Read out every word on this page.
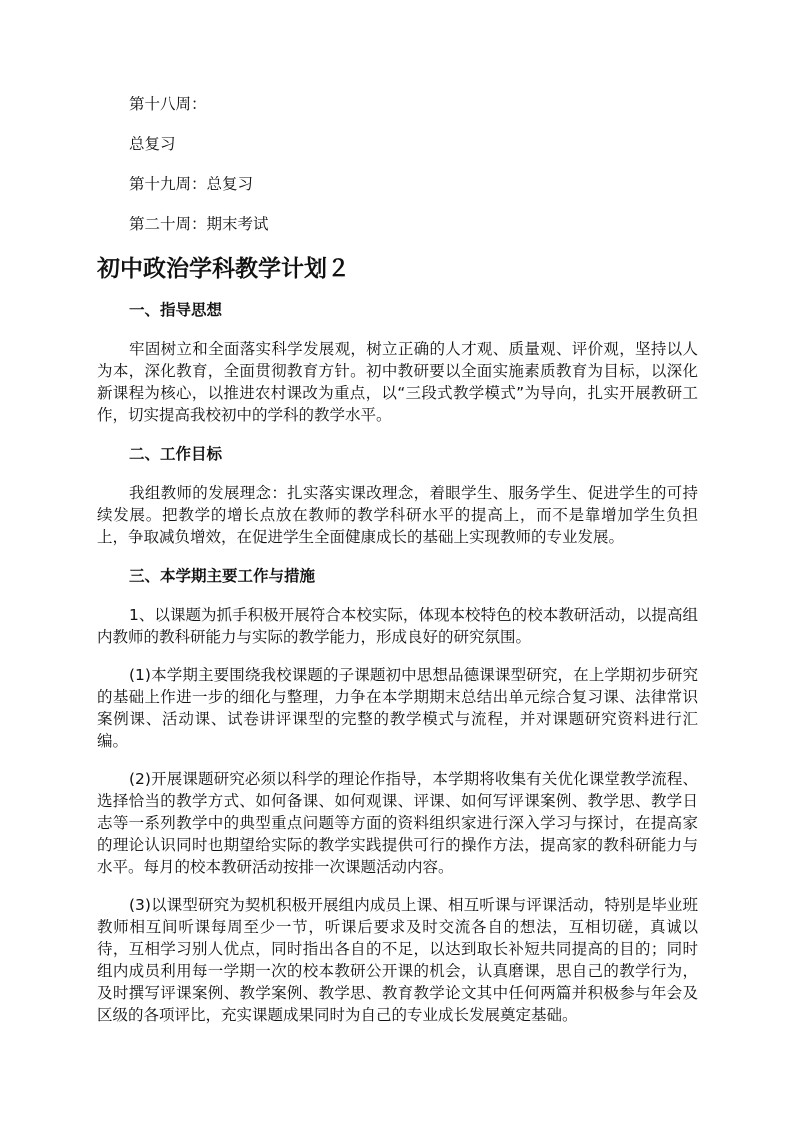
第十八周：

总复习

第十九周：总复习

第二十周：期末考试

初中政治学科教学计划２
一、指导思想

牢固树立和全面落实科学发展观，树立正确的人才观、质量观、评价观，坚持以人为本，深化教育，全面贯彻教育方针。初中教研要以全面实施素质教育为目标，以深化新课程为核心，以推进农村课改为重点，以“三段式教学模式”为导向，扎实开展教研工作，切实提高我校初中的学科的教学水平。

二、工作目标

我组教师的发展理念：扎实落实课改理念，着眼学生、服务学生、促进学生的可持续发展。把教学的增长点放在教师的教学科研水平的提高上，而不是靠增加学生负担上，争取减负增效，在促进学生全面健康成长的基础上实现教师的专业发展。

三、本学期主要工作与措施

1、以课题为抓手积极开展符合本校实际，体现本校特色的校本教研活动，以提高组内教师的教科研能力与实际的教学能力，形成良好的研究氛围。

(1)本学期主要围绕我校课题的子课题初中思想品德课课型研究，在上学期初步研究的基础上作进一步的细化与整理，力争在本学期期末总结出单元综合复习课、法律常识案例课、活动课、试卷讲评课型的完整的教学模式与流程，并对课题研究资料进行汇编。

(2)开展课题研究必须以科学的理论作指导，本学期将收集有关优化课堂教学流程、选择恰当的教学方式、如何备课、如何观课、评课、如何写评课案例、教学思、教学日志等一系列教学中的典型重点问题等方面的资料组织家进行深入学习与探讨，在提高家的理论认识同时也期望给实际的教学实践提供可行的操作方法，提高家的教科研能力与水平。每月的校本教研活动按排一次课题活动内容。

(3)以课型研究为契机积极开展组内成员上课、相互听课与评课活动，特别是毕业班教师相互间听课每周至少一节，听课后要求及时交流各自的想法，互相切磋，真诚以待，互相学习别人优点，同时指出各自的不足，以达到取长补短共同提高的目的；同时组内成员利用每一学期一次的校本教研公开课的机会，认真磨课，思自己的教学行为，及时撰写评课案例、教学案例、教学思、教育教学论文其中任何两篇并积极参与年会及区级的各项评比，充实课题成果同时为自己的专业成长发展奠定基础。
